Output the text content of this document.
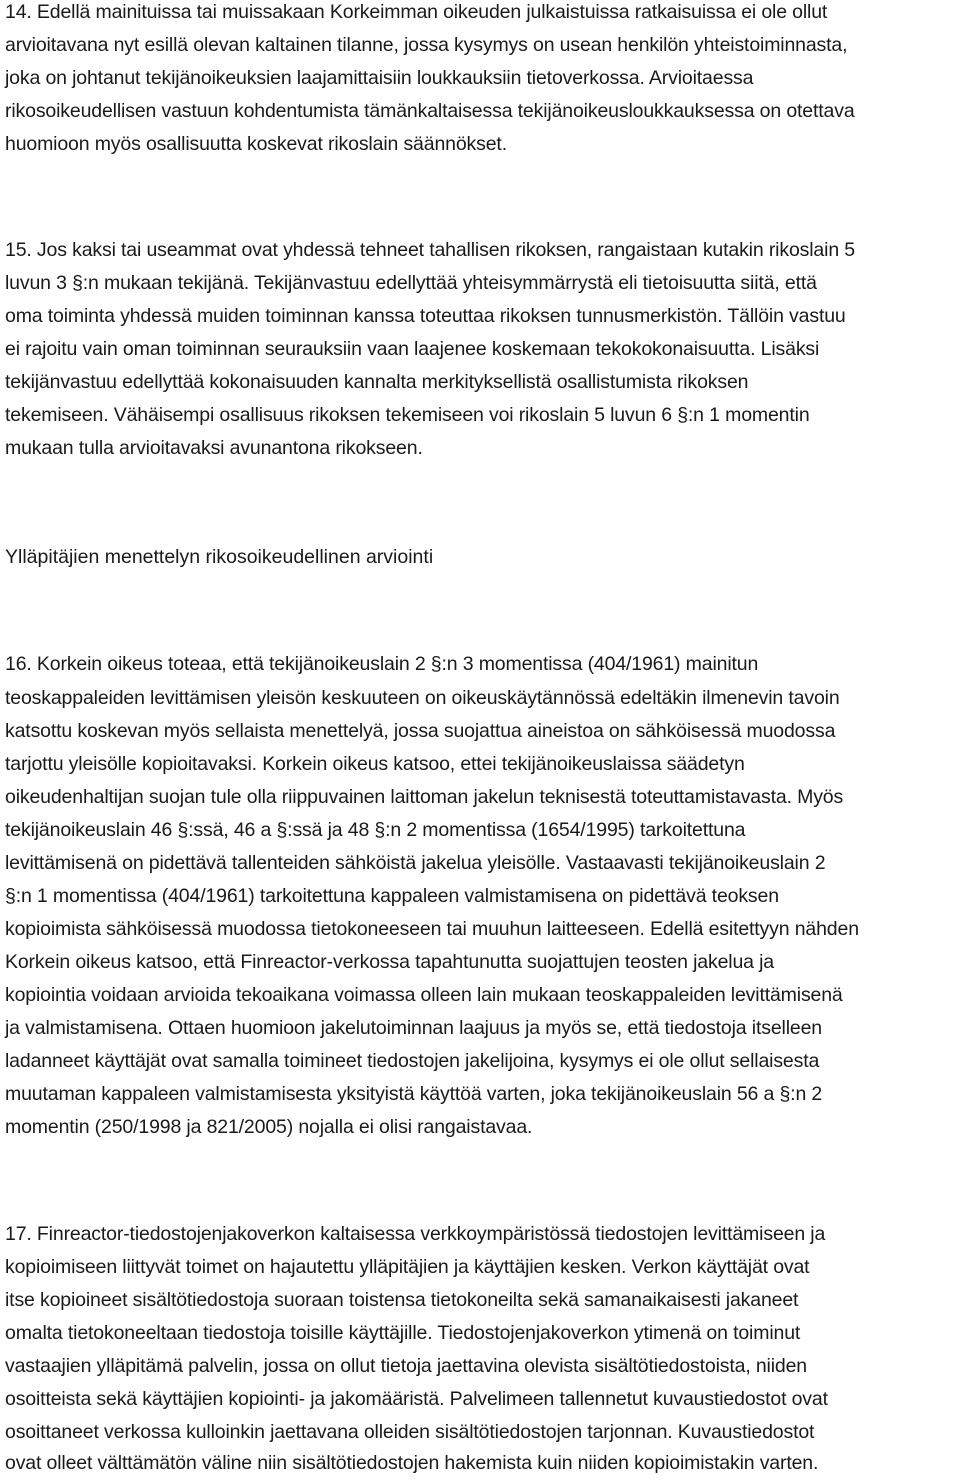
14. Edellä mainituissa tai muissakaan Korkeimman oikeuden julkaistuissa ratkaisuissa ei ole ollut
arvioitavana nyt esillä olevan kaltainen tilanne, jossa kysymys on usean henkilön yhteistoiminnasta,
joka on johtanut tekijänoikeuksien laajamittaisiin loukkauksiin tietoverkossa. Arvioitaessa
rikosoikeudellisen vastuun kohdentumista tämänkaltaisessa tekijänoikeusloukkauksessa on otettava
huomioon myös osallisuutta koskevat rikoslain säännökset.
15. Jos kaksi tai useammat ovat yhdessä tehneet tahallisen rikoksen, rangaistaan kutakin rikoslain 5
luvun 3 §:n mukaan tekijänä. Tekijänvastuu edellyttää yhteisymmärrystä eli tietoisuutta siitä, että
oma toiminta yhdessä muiden toiminnan kanssa toteuttaa rikoksen tunnusmerkistön. Tällöin vastuu
ei rajoitu vain oman toiminnan seurauksiin vaan laajenee koskemaan tekokokonaisuutta. Lisäksi
tekijänvastuu edellyttää kokonaisuuden kannalta merkityksellistä osallistumista rikoksen
tekemiseen. Vähäisempi osallisuus rikoksen tekemiseen voi rikoslain 5 luvun 6 §:n 1 momentin
mukaan tulla arvioitavaksi avunantona rikokseen.
Ylläpitäjien menettelyn rikosoikeudellinen arviointi
16. Korkein oikeus toteaa, että tekijänoikeuslain 2 §:n 3 momentissa (404/1961) mainitun
teoskappaleiden levittämisen yleisön keskuuteen on oikeuskäytännössä edeltäkin ilmenevin tavoin
katsottu koskevan myös sellaista menettelyä, jossa suojattua aineistoa on sähköisessä muodossa
tarjottu yleisölle kopioitavaksi. Korkein oikeus katsoo, ettei tekijänoikeuslaissa säädetyn
oikeudenhaltijan suojan tule olla riippuvainen laittoman jakelun teknisestä toteuttamistavasta. Myös
tekijänoikeuslain 46 §:ssä, 46 a §:ssä ja 48 §:n 2 momentissa (1654/1995) tarkoitettuna
levittämisenä on pidettävä tallenteiden sähköistä jakelua yleisölle. Vastaavasti tekijänoikeuslain 2
§:n 1 momentissa (404/1961) tarkoitettuna kappaleen valmistamisena on pidettävä teoksen
kopioimista sähköisessä muodossa tietokoneeseen tai muuhun laitteeseen. Edellä esitettyyn nähden
Korkein oikeus katsoo, että Finreactor-verkossa tapahtunutta suojattujen teosten jakelua ja
kopiointia voidaan arvioida tekoaikana voimassa olleen lain mukaan teoskappaleiden levittämisenä
ja valmistamisena. Ottaen huomioon jakelutoiminnan laajuus ja myös se, että tiedostoja itselleen
ladanneet käyttäjät ovat samalla toimineet tiedostojen jakelijoina, kysymys ei ole ollut sellaisesta
muutaman kappaleen valmistamisesta yksityistä käyttöä varten, joka tekijänoikeuslain 56 a §:n 2
momentin (250/1998 ja 821/2005) nojalla ei olisi rangaistavaa.
17. Finreactor-tiedostojenjakoverkon kaltaisessa verkkoympäristössä tiedostojen levittämiseen ja
kopioimiseen liittyvät toimet on hajautettu ylläpitäjien ja käyttäjien kesken. Verkon käyttäjät ovat
itse kopioineet sisältötiedostoja suoraan toistensa tietokoneilta sekä samanaikaisesti jakaneet
omalta tietokoneeltaan tiedostoja toisille käyttäjille. Tiedostojenjakoverkon ytimenä on toiminut
vastaajien ylläpitämä palvelin, jossa on ollut tietoja jaettavina olevista sisältötiedostoista, niiden
osoitteista sekä käyttäjien kopiointi- ja jakomääristä. Palvelimeen tallennetut kuvaustiedostot ovat
osoittaneet verkossa kulloinkin jaettavana olleiden sisältötiedostojen tarjonnan. Kuvaustiedostot
ovat olleet välttämätön väline niin sisältötiedostojen hakemista kuin niiden kopioimistakin varten.
